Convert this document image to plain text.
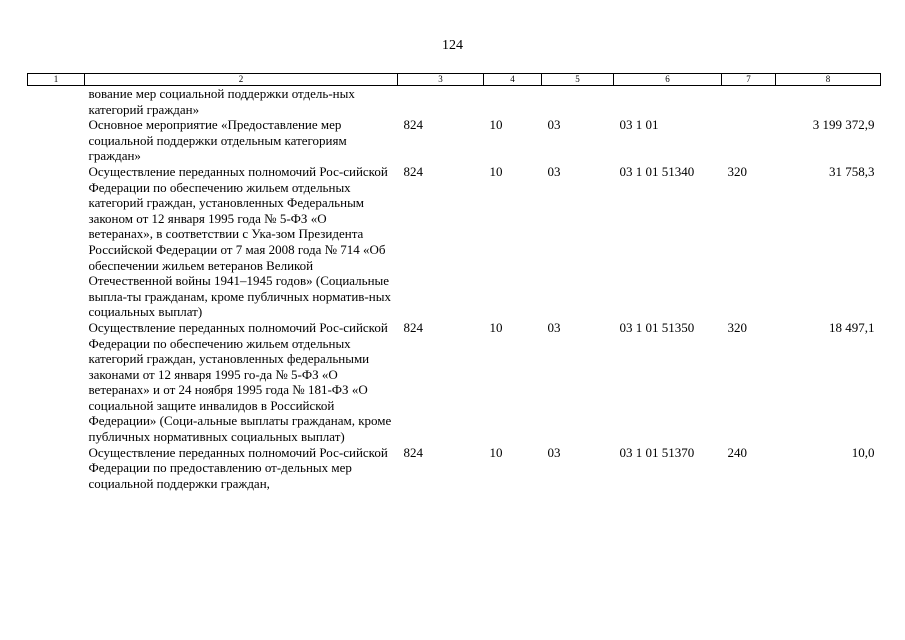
124
1	2	3	4	5	6	7	8
	вование мер социальной поддержки отдель-ных категорий граждан»						
	Основное мероприятие «Предоставление мер социальной поддержки отдельным категориям граждан»	824	10	03	03 1 01		3 199 372,9
	Осуществление переданных полномочий Рос-сийской Федерации по обеспечению жильем отдельных категорий граждан, установленных Федеральным законом от 12 января 1995 года № 5-ФЗ «О ветеранах», в соответствии с Ука-зом Президента Российской Федерации от 7 мая 2008 года № 714 «Об обеспечении жильем ветеранов Великой Отечественной войны 1941–1945 годов» (Социальные выпла-ты гражданам, кроме публичных норматив-ных социальных выплат)	824	10	03	03 1 01 51340	320	31 758,3
	Осуществление переданных полномочий Рос-сийской Федерации по обеспечению жильем отдельных категорий граждан, установленных федеральными законами от 12 января 1995 го-да № 5-ФЗ «О ветеранах» и от 24 ноября 1995 года № 181-ФЗ «О социальной защите инвалидов в Российской Федерации» (Соци-альные выплаты гражданам, кроме публичных нормативных социальных выплат)	824	10	03	03 1 01 51350	320	18 497,1
	Осуществление переданных полномочий Рос-сийской Федерации по предоставлению от-дельных мер социальной поддержки граждан,	824	10	03	03 1 01 51370	240	10,0
